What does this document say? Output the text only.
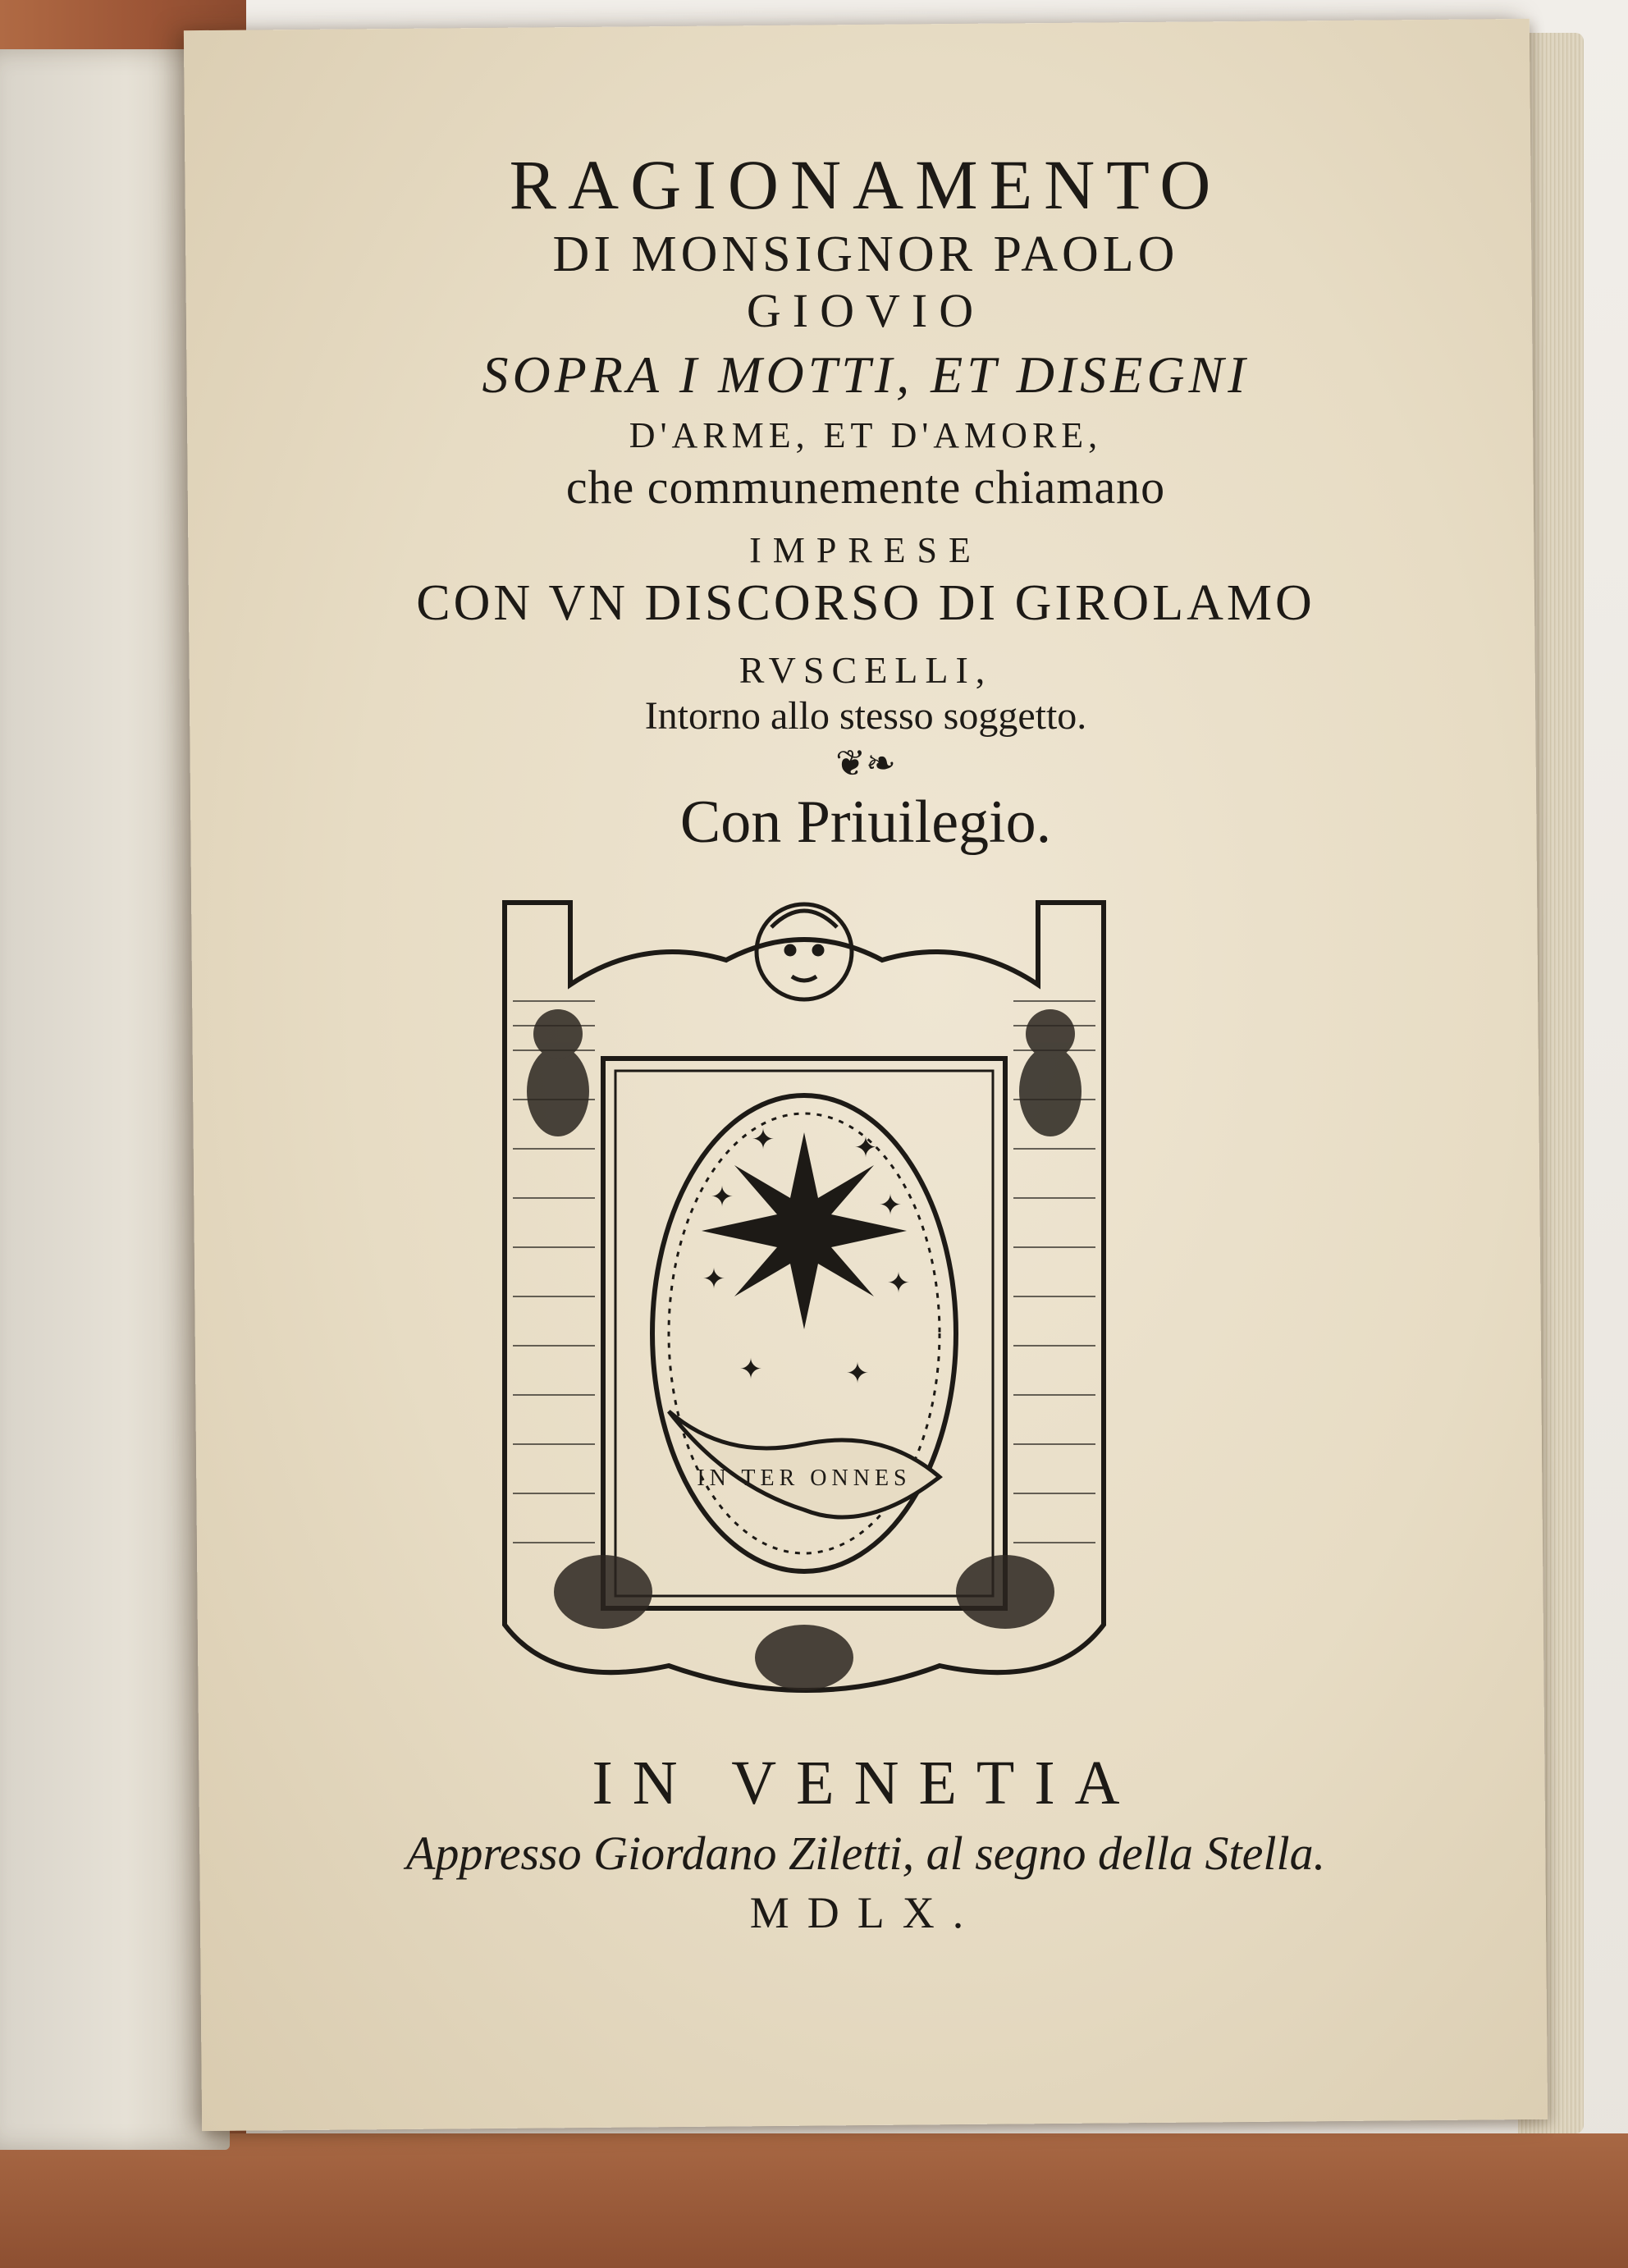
RAGIONAMENTO
DI MONSIGNOR PAOLO
GIOVIO
SOPRA I MOTTI, ET DISEGNI
D'ARME, ET D'AMORE,
che communemente chiamano
IMPRESE
CON VN DISCORSO DI GIROLAMO
RVSCELLI,
Intorno allo stesso soggetto.
❦❧
Con Priuilegio.
IN VENETIA
Appresso Giordano Ziletti, al segno della Stella.
MDLX.
✦	✦
✦	✦
✦	✦
✦	✦
IN TER ONNES
